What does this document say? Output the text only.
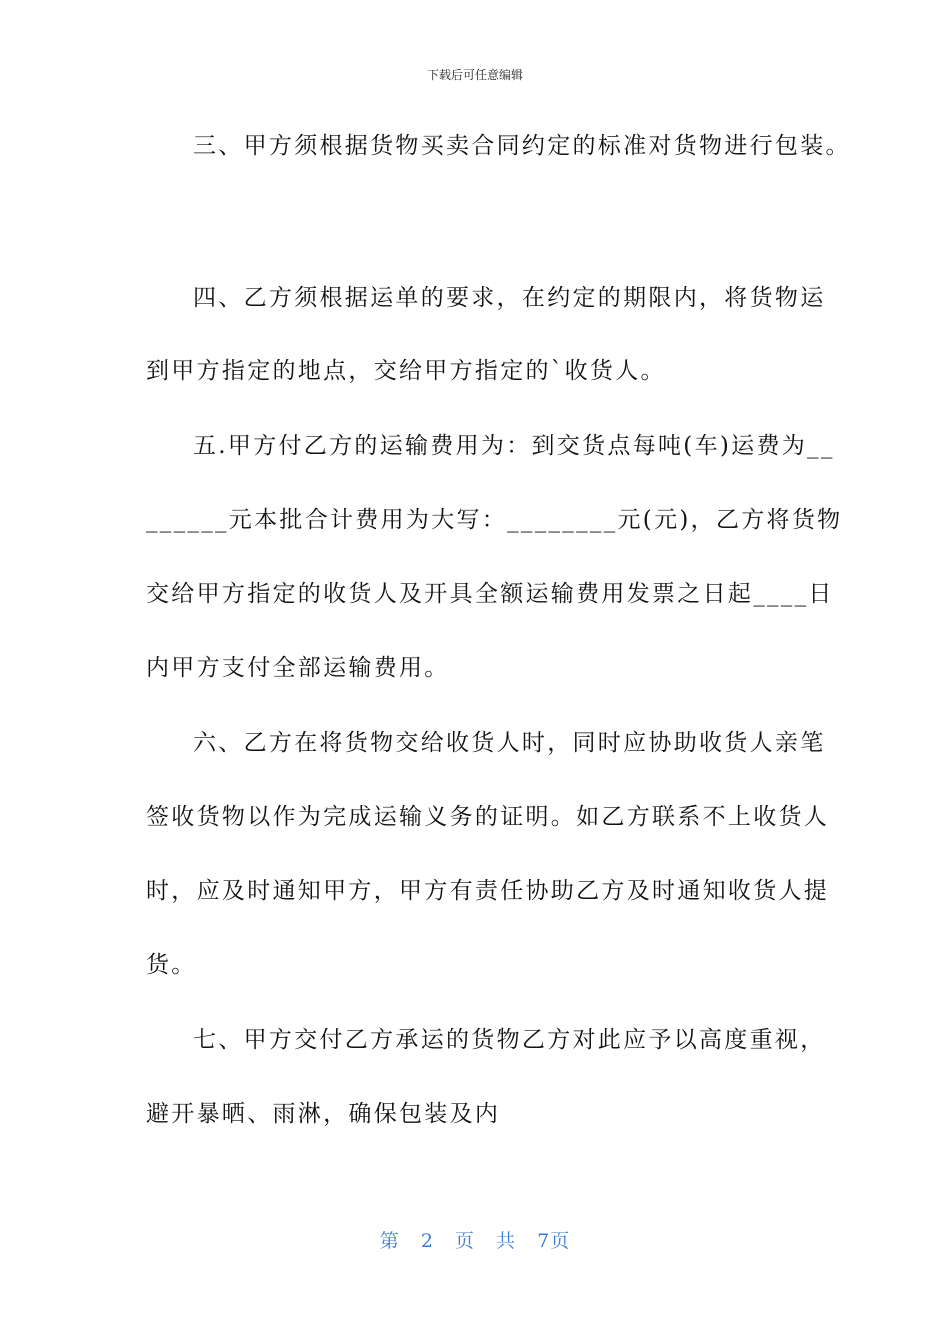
下载后可任意编辑
三、甲方须根据货物买卖合同约定的标准对货物进行包装。
四、乙方须根据运单的要求，在约定的期限内，将货物运
到甲方指定的地点，交给甲方指定的`收货人。
五.甲方付乙方的运输费用为：到交货点每吨(车)运费为__
______元本批合计费用为大写：________元(元)，乙方将货物
交给甲方指定的收货人及开具全额运输费用发票之日起____日
内甲方支付全部运输费用。
六、乙方在将货物交给收货人时，同时应协助收货人亲笔
签收货物以作为完成运输义务的证明。如乙方联系不上收货人
时，应及时通知甲方，甲方有责任协助乙方及时通知收货人提
货。
七、甲方交付乙方承运的货物乙方对此应予以高度重视，
避开暴晒、雨淋，确保包装及内
第 2 页 共 7页
